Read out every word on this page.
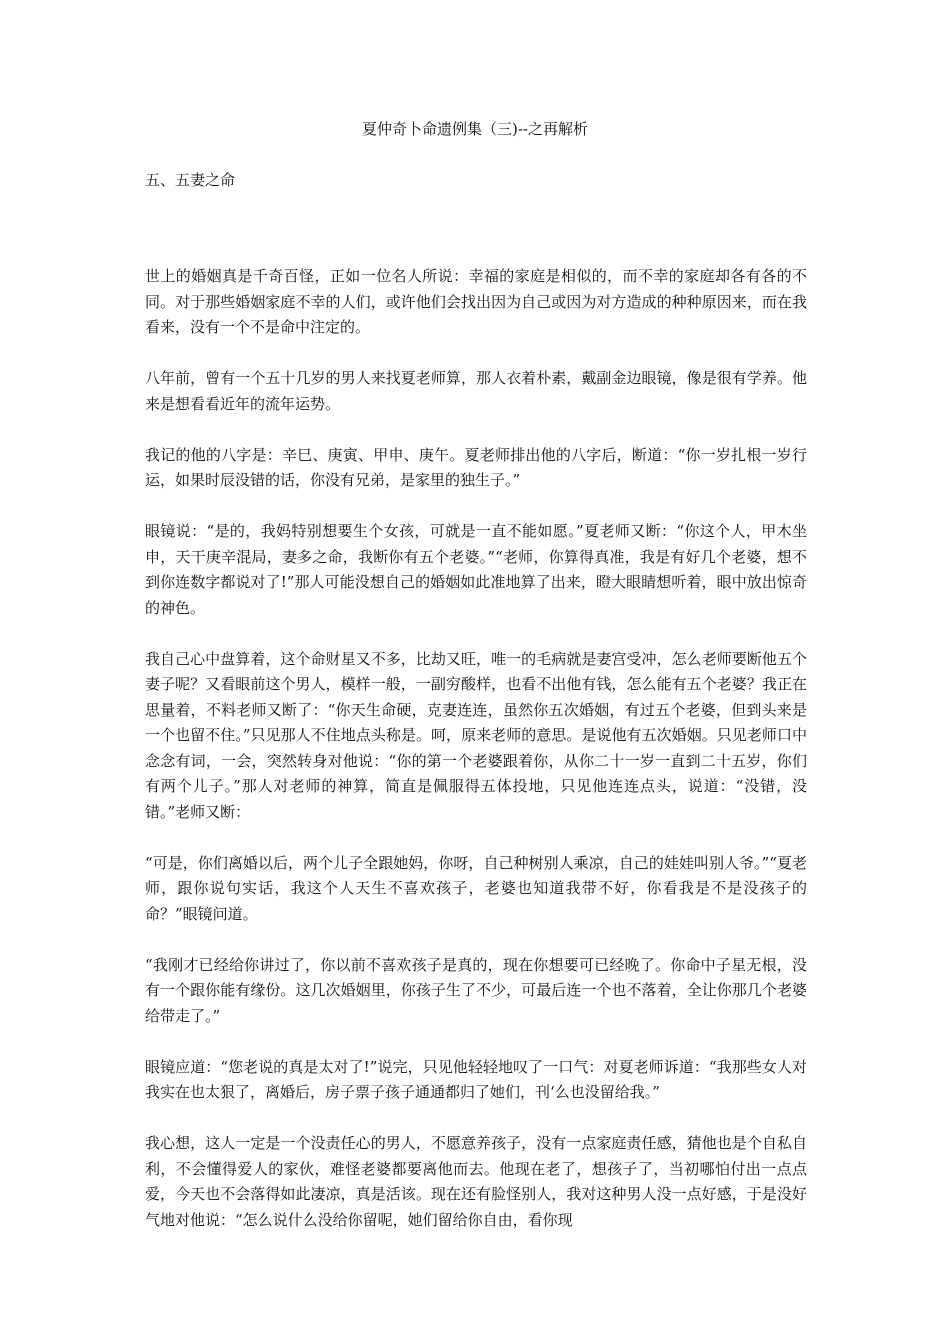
夏仲奇卜命遗例集（三)--之再解析
五、五妻之命

世上的婚姻真是千奇百怪，正如一位名人所说：幸福的家庭是相似的，而不幸的家庭却各有各的不同。对于那些婚姻家庭不幸的人们，或许他们会找出因为自己或因为对方造成的种种原因来，而在我看来，没有一个不是命中注定的。

八年前，曾有一个五十几岁的男人来找夏老师算，那人衣着朴素，戴副金边眼镜，像是很有学养。他来是想看看近年的流年运势。

我记的他的八字是：辛巳、庚寅、甲申、庚午。夏老师排出他的八字后，断道：“你一岁扎根一岁行运，如果时辰没错的话，你没有兄弟，是家里的独生子。”

眼镜说：“是的，我妈特别想要生个女孩，可就是一直不能如愿。”夏老师又断：“你这个人，甲木坐申，天干庚辛混局，妻多之命，我断你有五个老婆。”“老师，你算得真准，我是有好几个老婆，想不到你连数字都说对了!”那人可能没想自己的婚姻如此准地算了出来，瞪大眼睛想听着，眼中放出惊奇的神色。

我自己心中盘算着，这个命财星又不多，比劫又旺，唯一的毛病就是妻宫受冲，怎么老师要断他五个妻子呢？又看眼前这个男人，模样一般，一副穷酸样，也看不出他有钱，怎么能有五个老婆？我正在思量着，不料老师又断了：“你天生命硬，克妻连连，虽然你五次婚姻，有过五个老婆，但到头来是一个也留不住。”只见那人不住地点头称是。呵，原来老师的意思。是说他有五次婚姻。只见老师口中念念有词，一会，突然转身对他说：“你的第一个老婆跟着你，从你二十一岁一直到二十五岁，你们有两个儿子。”那人对老师的神算，简直是佩服得五体投地，只见他连连点头，说道：“没错，没错。”老师又断：

“可是，你们离婚以后，两个儿子全跟她妈，你呀，自己种树别人乘凉，自己的娃娃叫别人爷。”“夏老师，跟你说句实话，我这个人天生不喜欢孩子，老婆也知道我带不好，你看我是不是没孩子的命？”眼镜问道。

“我刚才已经给你讲过了，你以前不喜欢孩子是真的，现在你想要可已经晚了。你命中子星无根，没有一个跟你能有缘份。这几次婚姻里，你孩子生了不少，可最后连一个也不落着，全让你那几个老婆给带走了。”

眼镜应道：“您老说的真是太对了!”说完，只见他轻轻地叹了一口气：对夏老师诉道：“我那些女人对我实在也太狠了，离婚后，房子票子孩子通通都归了她们，刊‘么也没留给我。”

我心想，这人一定是一个没责任心的男人，不愿意养孩子，没有一点家庭责任感，猜他也是个自私自利，不会懂得爱人的家伙，难怪老婆都要离他而去。他现在老了，想孩子了，当初哪怕付出一点点爱，今天也不会落得如此凄凉，真是活该。现在还有脸怪别人，我对这种男人没一点好感，于是没好气地对他说：“怎么说什么没给你留呢，她们留给你自由，看你现
